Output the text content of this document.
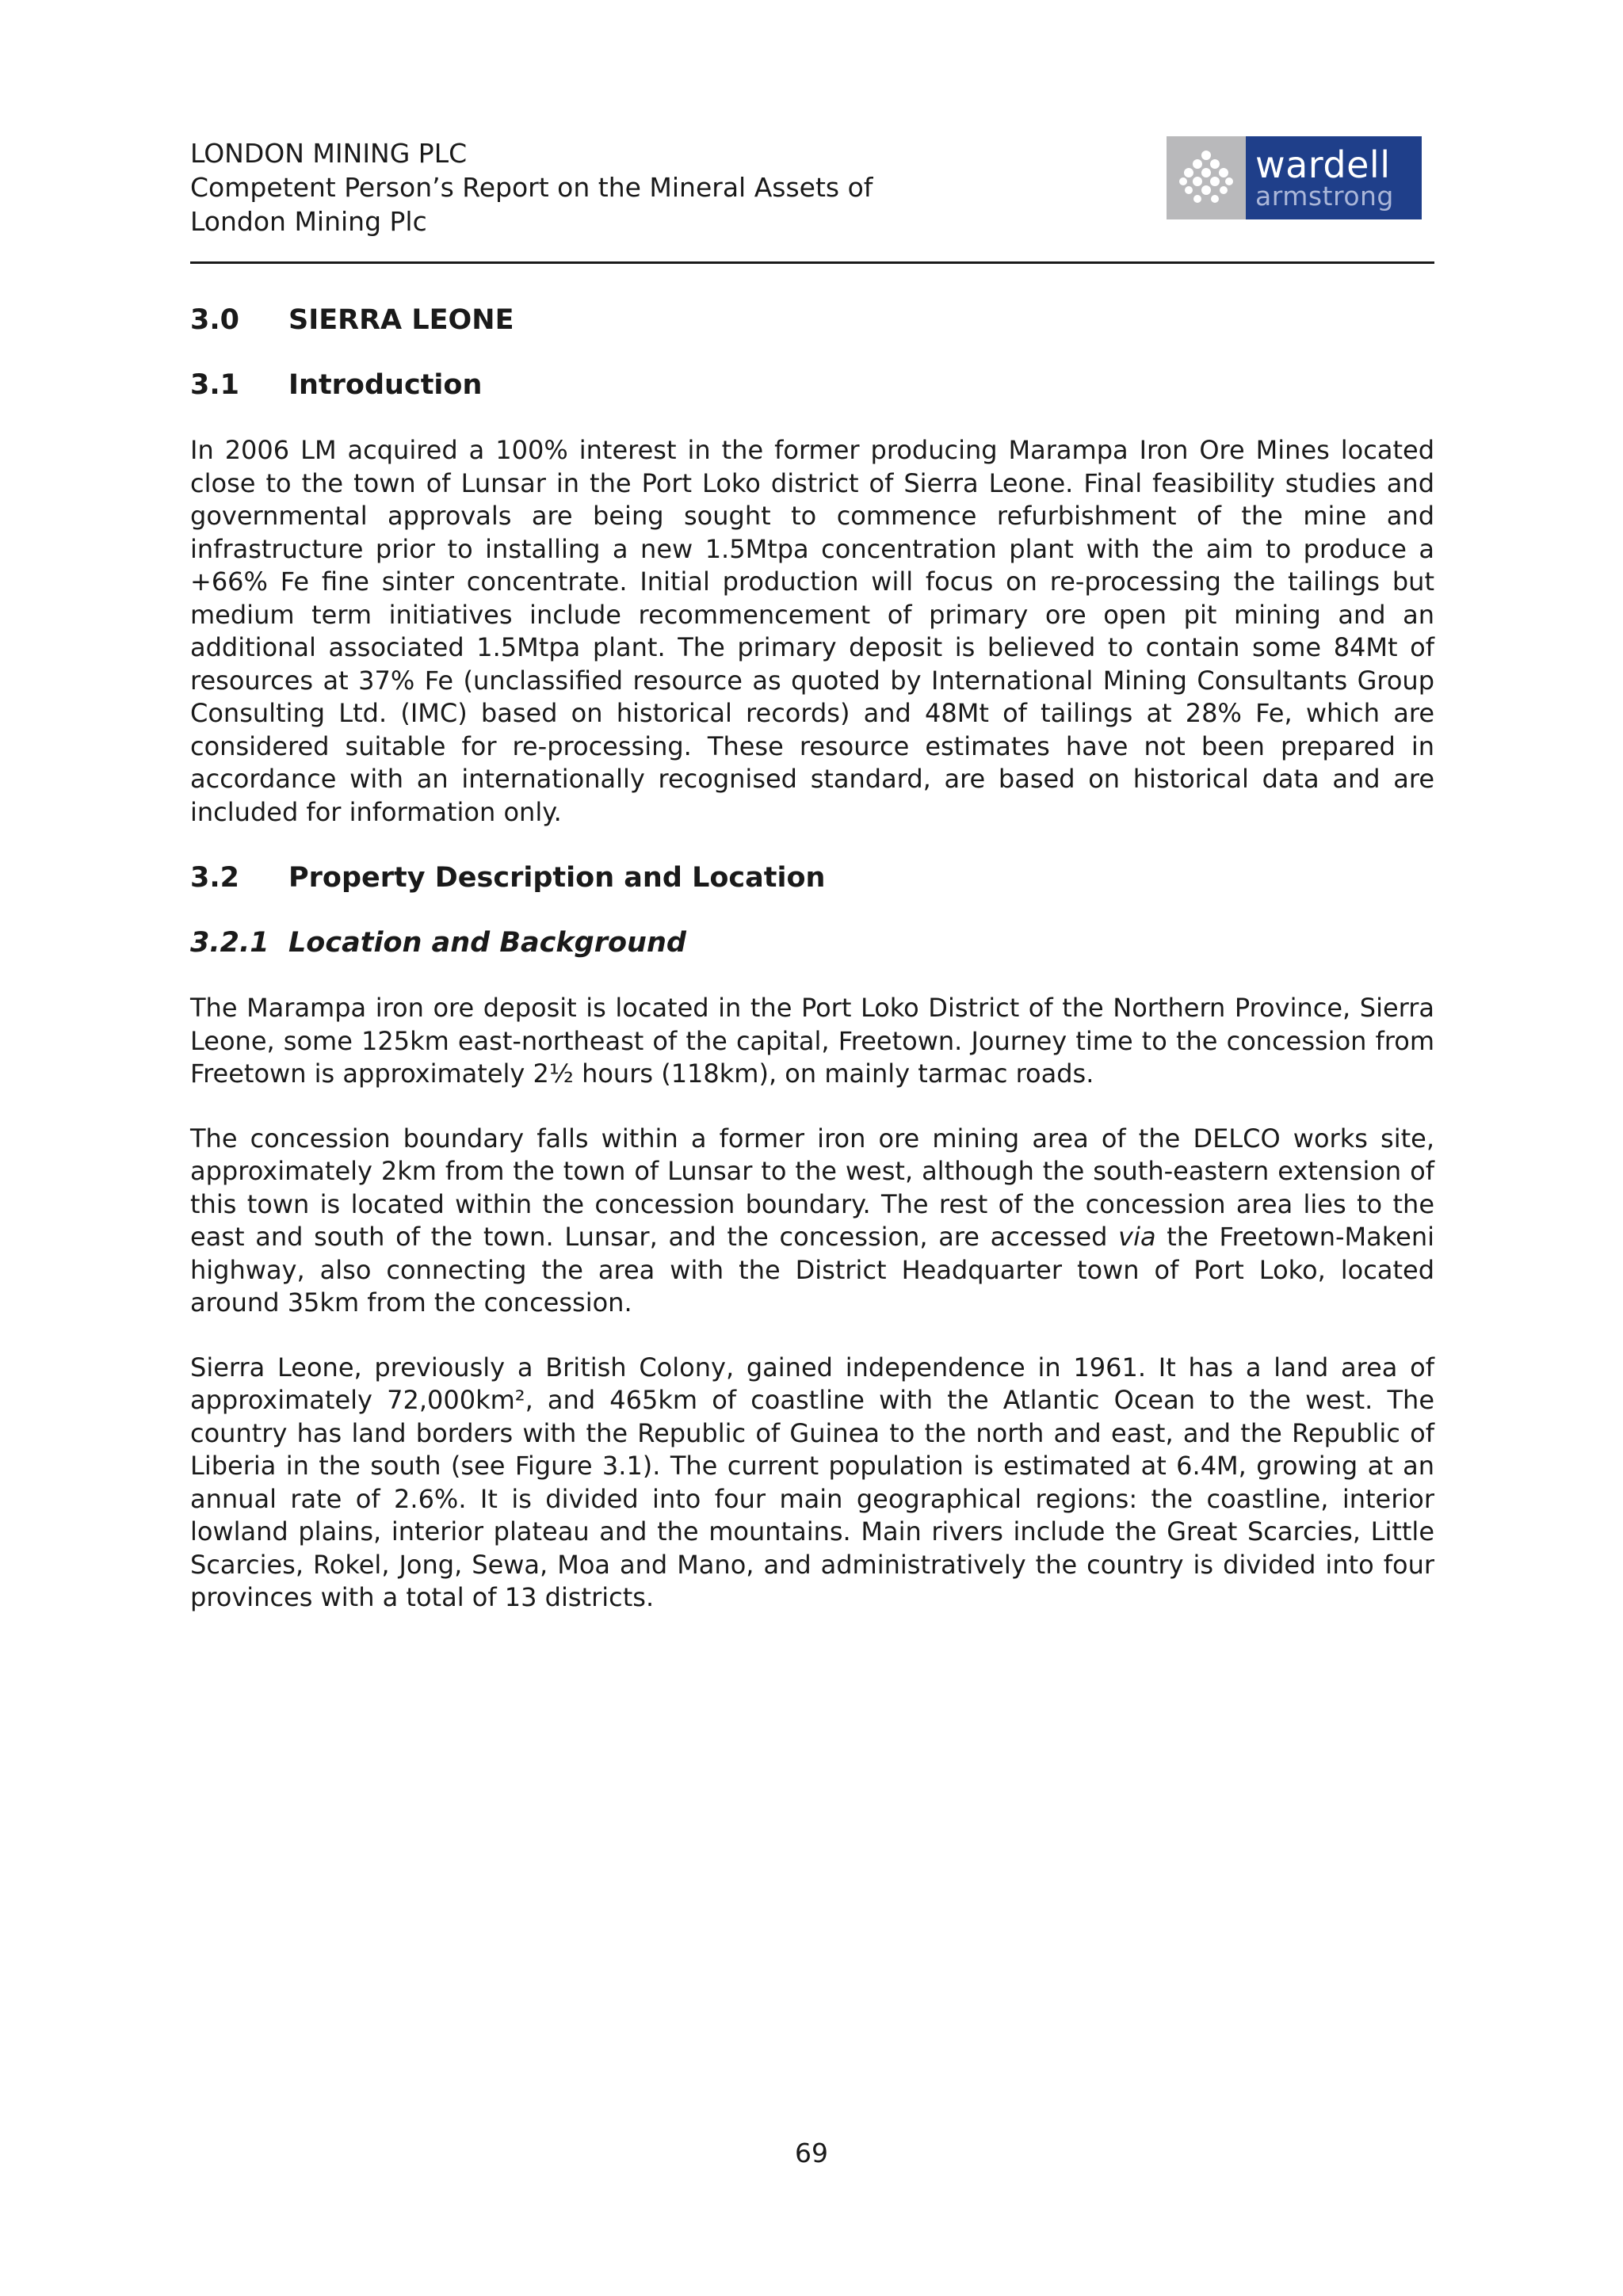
LONDON MINING PLC
Competent Person’s Report on the Mineral Assets of
London Mining Plc
wardell
armstrong
3.0	SIERRA LEONE
3.1	Introduction

In 2006 LM acquired a 100% interest in the former producing Marampa Iron Ore Mines located close to the town of Lunsar in the Port Loko district of Sierra Leone. Final feasibility studies and governmental approvals are being sought to commence refurbishment of the mine and infrastructure prior to installing a new 1.5Mtpa concentration plant with the aim to produce a +66% Fe fine sinter concentrate. Initial production will focus on re-processing the tailings but medium term initiatives include recommencement of primary ore open pit mining and an additional associated 1.5Mtpa plant. The primary deposit is believed to contain some 84Mt of resources at 37% Fe (unclassified resource as quoted by International Mining Consultants Group Consulting Ltd. (IMC) based on historical records) and 48Mt of tailings at 28% Fe, which are considered suitable for re-processing. These resource estimates have not been prepared in accordance with an internationally recognised standard, are based on historical data and are included for information only.

3.2	Property Description and Location
3.2.1 Location and Background

The Marampa iron ore deposit is located in the Port Loko District of the Northern Province, Sierra Leone, some 125km east-northeast of the capital, Freetown. Journey time to the concession from Freetown is approximately 2½ hours (118km), on mainly tarmac roads.

The concession boundary falls within a former iron ore mining area of the DELCO works site, approximately 2km from the town of Lunsar to the west, although the south-eastern extension of this town is located within the concession boundary. The rest of the concession area lies to the east and south of the town. Lunsar, and the concession, are accessed via the Freetown-Makeni highway, also connecting the area with the District Headquarter town of Port Loko, located around 35km from the concession.

Sierra Leone, previously a British Colony, gained independence in 1961. It has a land area of approximately 72,000km², and 465km of coastline with the Atlantic Ocean to the west. The country has land borders with the Republic of Guinea to the north and east, and the Republic of Liberia in the south (see Figure 3.1). The current population is estimated at 6.4M, growing at an annual rate of 2.6%. It is divided into four main geographical regions: the coastline, interior lowland plains, interior plateau and the mountains. Main rivers include the Great Scarcies, Little Scarcies, Rokel, Jong, Sewa, Moa and Mano, and administratively the country is divided into four provinces with a total of 13 districts.

69
